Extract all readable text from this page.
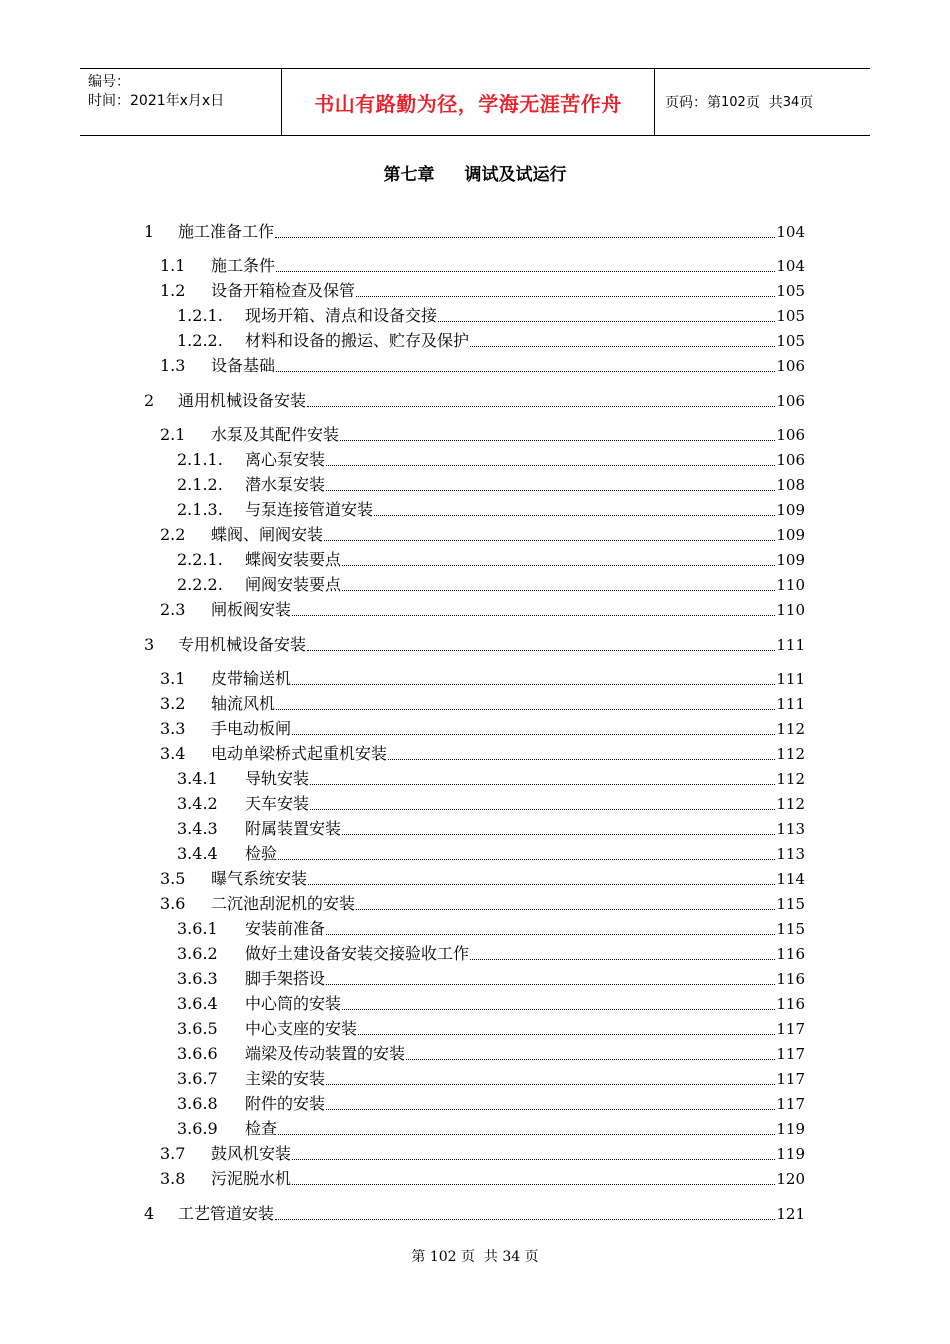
编号：
时间：2021年x月x日	书山有路勤为径，学海无涯苦作舟	页码：第 102 页  共 34 页
第七章 调试及试运行
1	施工准备工作	104
1.1	施工条件	104
1.2	设备开箱检查及保管	105
1.2.1.	现场开箱、清点和设备交接	105
1.2.2.	材料和设备的搬运、贮存及保护	105
1.3	设备基础	106
2	通用机械设备安装	106
2.1	水泵及其配件安装	106
2.1.1.	离心泵安装	106
2.1.2.	潜水泵安装	108
2.1.3.	与泵连接管道安装	109
2.2	蝶阀、闸阀安装	109
2.2.1.	蝶阀安装要点	109
2.2.2.	闸阀安装要点	110
2.3	闸板阀安装	110
3	专用机械设备安装	111
3.1	皮带输送机	111
3.2	轴流风机	111
3.3	手电动板闸	112
3.4	电动单梁桥式起重机安装	112
3.4.1	导轨安装	112
3.4.2	天车安装	112
3.4.3	附属装置安装	113
3.4.4	检验	113
3.5	曝气系统安装	114
3.6	二沉池刮泥机的安装	115
3.6.1	安装前准备	115
3.6.2	做好土建设备安装交接验收工作	116
3.6.3	脚手架搭设	116
3.6.4	中心筒的安装	116
3.6.5	中心支座的安装	117
3.6.6	端梁及传动装置的安装	117
3.6.7	主梁的安装	117
3.6.8	附件的安装	117
3.6.9	检查	119
3.7	鼓风机安装	119
3.8	污泥脱水机	120
4	工艺管道安装	121
第 102 页  共 34 页
